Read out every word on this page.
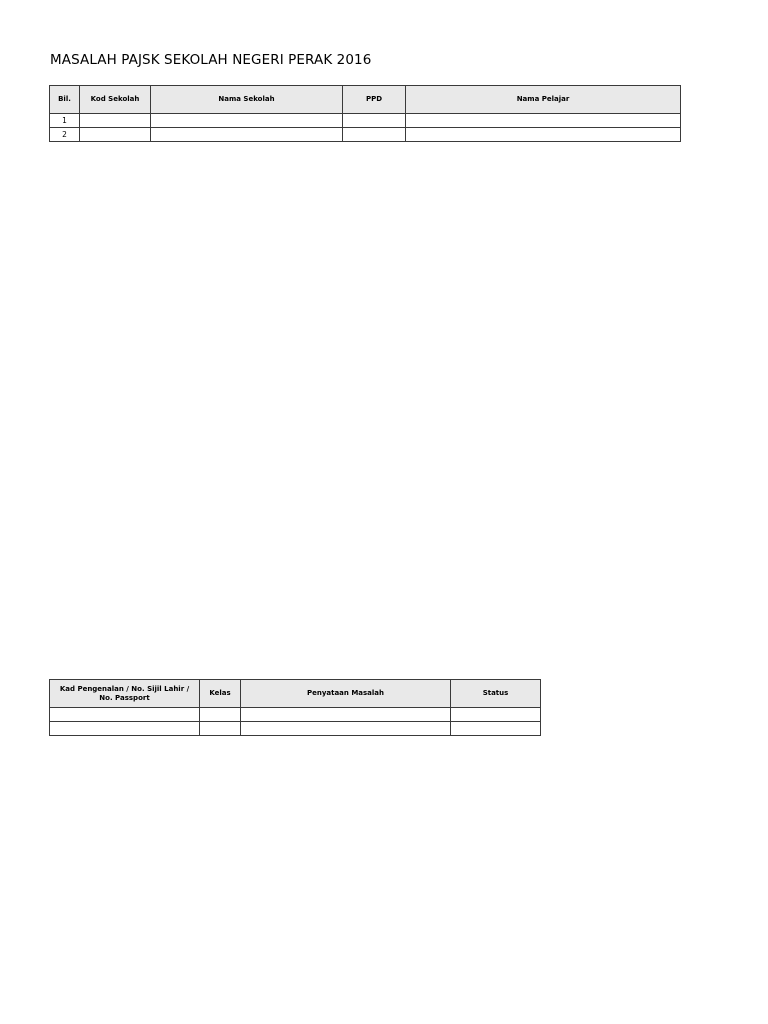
MASALAH PAJSK SEKOLAH NEGERI PERAK 2016
Bil.	Kod Sekolah	Nama Sekolah	PPD	Nama Pelajar
1				
2				
Kad Pengenalan / No. Sijil Lahir / No. Passport	Kelas	Penyataan Masalah	Status
